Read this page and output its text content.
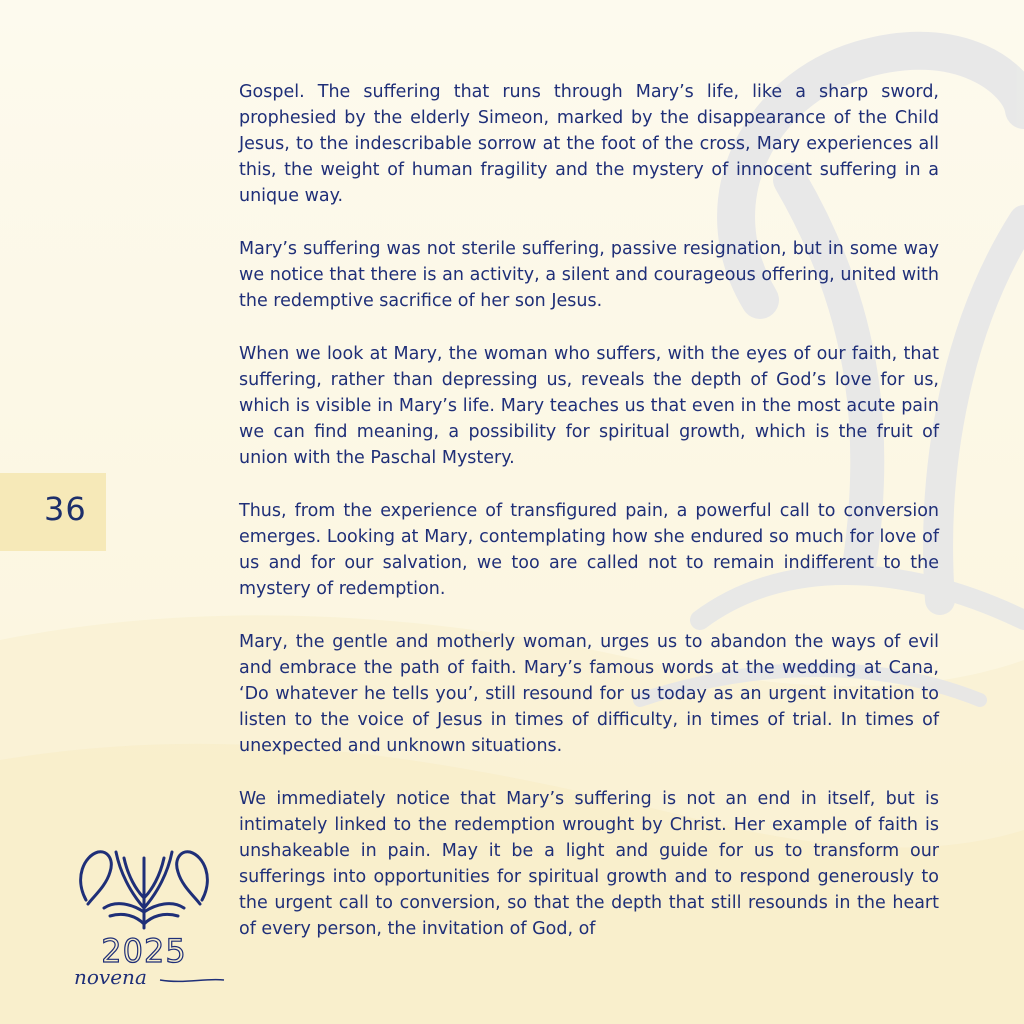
36

Gospel. The suffering that runs through Mary’s life, like a sharp sword, prophesied by the elderly Simeon, marked by the disappearance of the Child Jesus, to the indescribable sorrow at the foot of the cross, Mary experiences all this, the weight of human fragility and the mystery of innocent suffering in a unique way.

Mary’s suffering was not sterile suffering, passive resignation, but in some way we notice that there is an activity, a silent and courageous offering, united with the redemptive sacrifice of her son Jesus.

When we look at Mary, the woman who suffers, with the eyes of our faith, that suffering, rather than depressing us, reveals the depth of God’s love for us, which is visible in Mary’s life. Mary teaches us that even in the most acute pain we can find meaning, a possibility for spiritual growth, which is the fruit of union with the Paschal Mystery.

Thus, from the experience of transfigured pain, a powerful call to conversion emerges. Looking at Mary, contemplating how she endured so much for love of us and for our salvation, we too are called not to remain indifferent to the mystery of redemption.

Mary, the gentle and motherly woman, urges us to abandon the ways of evil and embrace the path of faith. Mary’s famous words at the wedding at Cana, ‘Do whatever he tells you’, still resound for us today as an urgent invitation to listen to the voice of Jesus in times of difficulty, in times of trial. In times of unexpected and unknown situations.

We immediately notice that Mary’s suffering is not an end in itself, but is intimately linked to the redemption wrought by Christ. Her example of faith is unshakeable in pain. May it be a light and guide for us to transform our sufferings into opportunities for spiritual growth and to respond generously to the urgent call to conversion, so that the depth that still resounds in the heart of every person, the invitation of God, of

2025
novena
